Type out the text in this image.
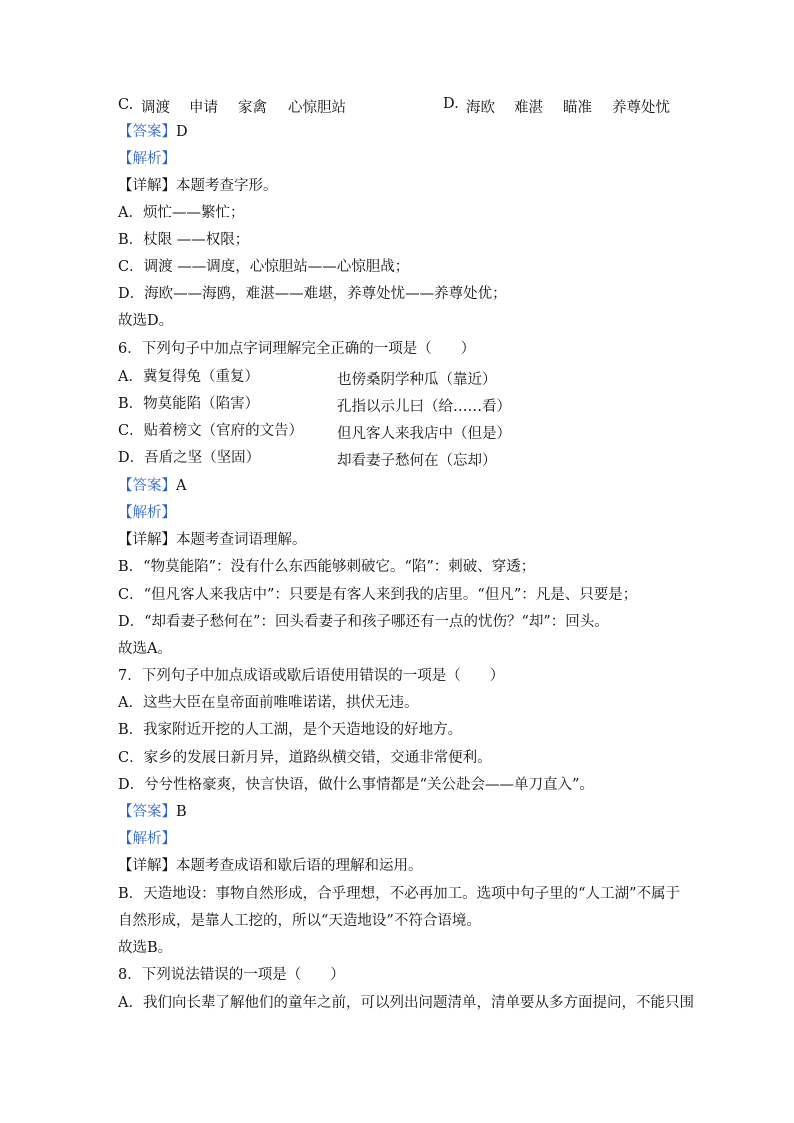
C. 调渡 申请 家禽 心惊胆站	D. 海欧 难湛 瞄准 养尊处忧
【答案】D
【解析】
【详解】本题考查字形。
A．烦忙——繁忙；
B．杖限 ——权限；
C．调渡 ——调度，心惊胆站——心惊胆战；
D．海欧——海鸥，难湛——难堪，养尊处忧——养尊处优；
故选D。
6．下列句子中加点字词理解完全正确的一项是（　　）
A．冀复得兔（重复）	也傍桑阴学种瓜（靠近）
B．物莫能陷（陷害）	孔指以示儿曰（给……看）
C．贴着榜文（官府的文告） 但凡客人来我店中（但是）
D．吾盾之坚（坚固）	却看妻子愁何在（忘却）
【答案】A
【解析】
【详解】本题考查词语理解。
B．“物莫能陷”：没有什么东西能够刺破它。“陷”：刺破、穿透；
C．“但凡客人来我店中”：只要是有客人来到我的店里。“但凡”：凡是、只要是；
D．“却看妻子愁何在”：回头看妻子和孩子哪还有一点的忧伤？“却”：回头。
故选A。
7．下列句子中加点成语或歇后语使用错误的一项是（　　）
A．这些大臣在皇帝面前唯唯诺诺，拱伏无违。
B．我家附近开挖的人工湖，是个天造地设的好地方。
C．家乡的发展日新月异，道路纵横交错，交通非常便利。
D．兮兮性格豪爽，快言快语，做什么事情都是“关公赴会——单刀直入”。
【答案】B
【解析】
【详解】本题考查成语和歇后语的理解和运用。
B．天造地设：事物自然形成，合乎理想，不必再加工。选项中句子里的“人工湖”不属于
自然形成，是靠人工挖的，所以“天造地设”不符合语境。
故选B。
8．下列说法错误的一项是（　　）
A．我们向长辈了解他们的童年之前，可以列出问题清单，清单要从多方面提问，不能只围
